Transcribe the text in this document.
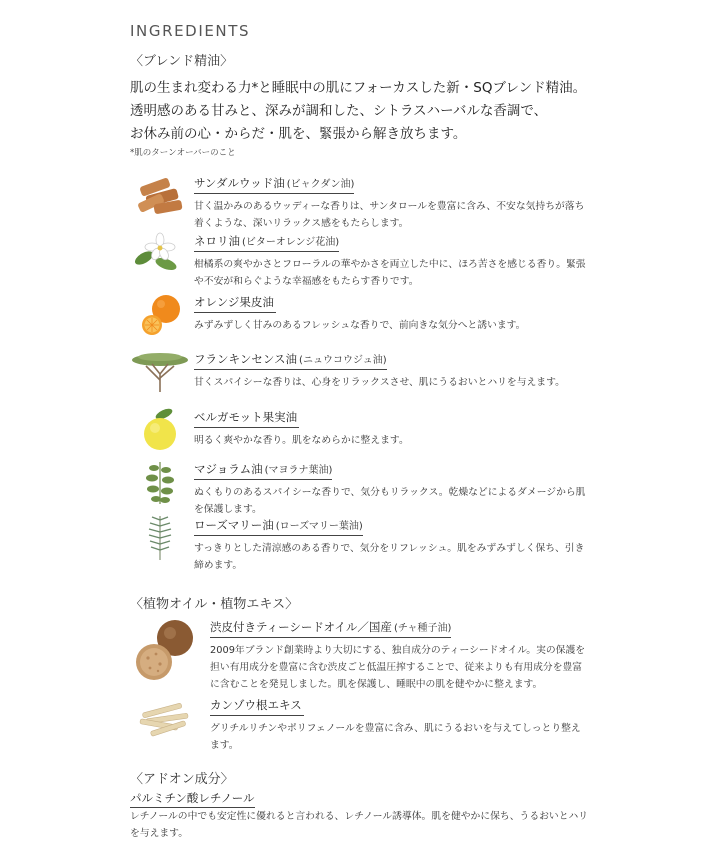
INGREDIENTS
〈ブレンド精油〉

肌の生まれ変わる力*と睡眠中の肌にフォーカスした新・SQブレンド精油。

透明感のある甘みと、深みが調和した、シトラスハーバルな香調で、

お休み前の心・からだ・肌を、緊張から解き放ちます。

*肌のターンオーバーのこと
サンダルウッド油 (ビャクダン油)
甘く温かみのあるウッディーな香りは、サンタロールを豊富に含み、不安な気持ちが落ち着くような、深いリラックス感をもたらします。
ネロリ油 (ビターオレンジ花油)
柑橘系の爽やかさとフローラルの華やかさを両立した中に、ほろ苦さを感じる香り。緊張や不安が和らぐような幸福感をもたらす香りです。
オレンジ果皮油
みずみずしく甘みのあるフレッシュな香りで、前向きな気分へと誘います。
フランキンセンス油 (ニュウコウジュ油)
甘くスパイシーな香りは、心身をリラックスさせ、肌にうるおいとハリを与えます。
ベルガモット果実油
明るく爽やかな香り。肌をなめらかに整えます。
マジョラム油 (マヨラナ葉油)
ぬくもりのあるスパイシーな香りで、気分もリラックス。乾燥などによるダメージから肌を保護します。
ローズマリー油 (ローズマリー葉油)
すっきりとした清涼感のある香りで、気分をリフレッシュ。肌をみずみずしく保ち、引き締めます。
〈植物オイル・植物エキス〉
渋皮付きティーシードオイル／国産 (チャ種子油)
2009年ブランド創業時より大切にする、独自成分のティーシードオイル。実の保護を担い有用成分を豊富に含む渋皮ごと低温圧搾することで、従来よりも有用成分を豊富に含むことを発見しました。肌を保護し、睡眠中の肌を健やかに整えます。
カンゾウ根エキス
グリチルリチンやポリフェノールを豊富に含み、肌にうるおいを与えてしっとり整えます。
〈アドオン成分〉
パルミチン酸レチノール
レチノールの中でも安定性に優れると言われる、レチノール誘導体。肌を健やかに保ち、うるおいとハリを与えます。
